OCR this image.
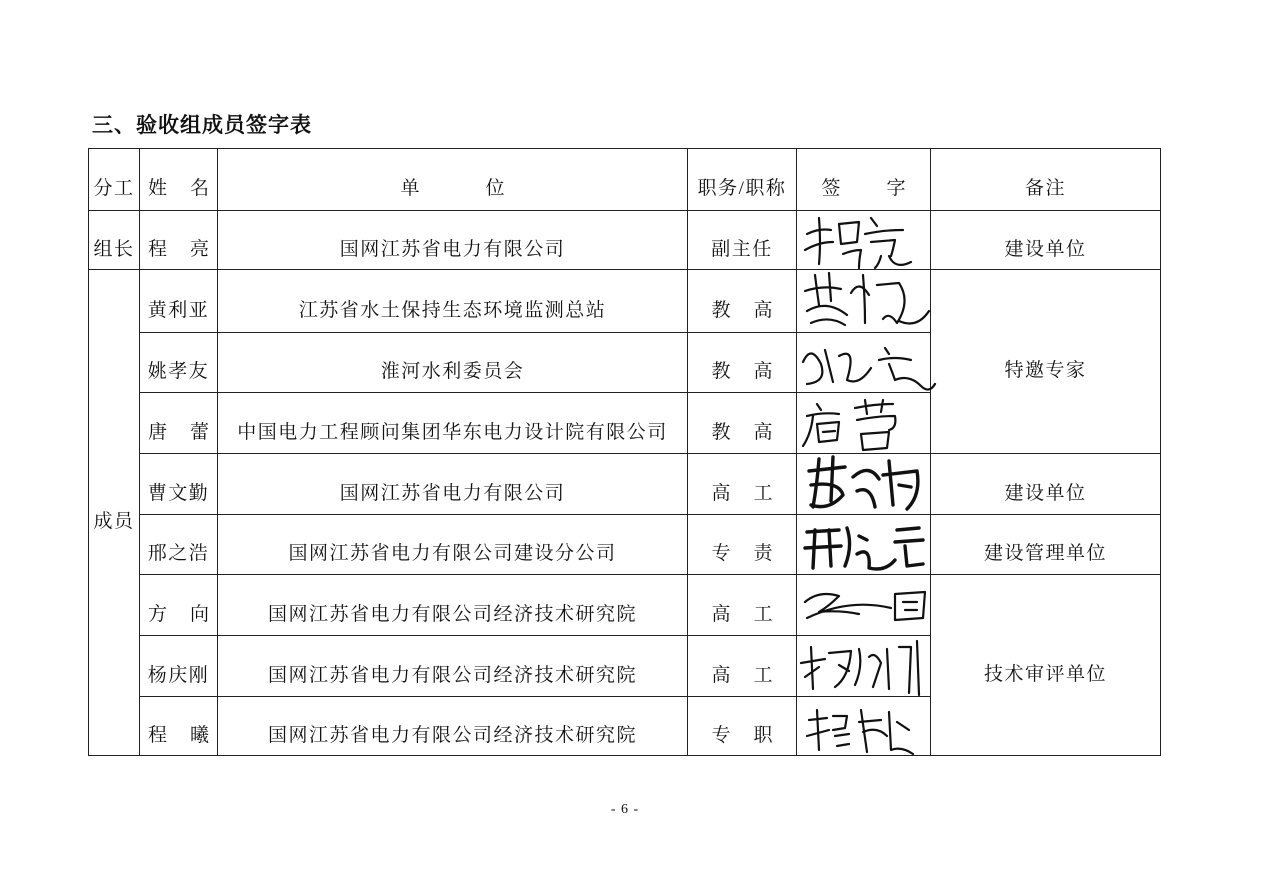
三、验收组成员签字表
分工	姓名	单位	职务/职称	签字	备注
组长	程亮	国网江苏省电力有限公司	副主任		建设单位
成员	黄利亚	江苏省水土保持生态环境监测总站	教高		特邀专家
	姚孝友	淮河水利委员会	教高	

	唐蕾	中国电力工程顾问集团华东电力设计院有限公司	教高	

	曹文勤	国网江苏省电力有限公司	高工		建设单位
	邢之浩	国网江苏省电力有限公司建设分公司	专责		建设管理单位
	方向	国网江苏省电力有限公司经济技术研究院	高工		技术审评单位
	杨庆刚	国网江苏省电力有限公司经济技术研究院	高工	

	程曦	国网江苏省电力有限公司经济技术研究院	专职	
- 6 -
